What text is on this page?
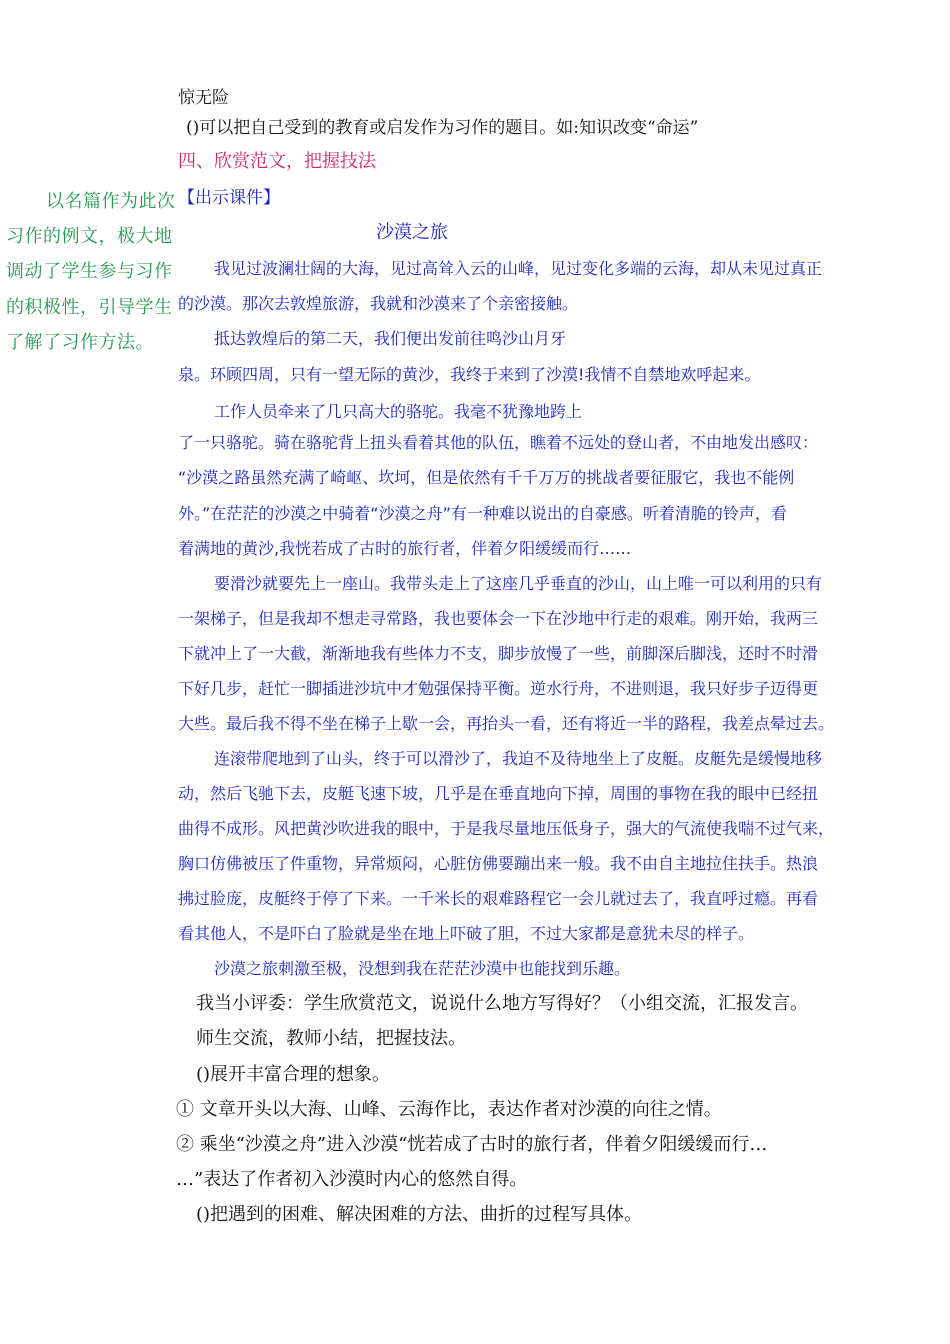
惊无险
()可以把自己受到的教育或启发作为习作的题目。如:知识改变“命运”
四、欣赏范文，把握技法
【出示课件】
以名篇作为此次
习作的例文，极大地
调动了学生参与习作
的积极性，引导学生
了解了习作方法。
沙漠之旅
我见过波澜壮阔的大海，见过高耸入云的山峰，见过变化多端的云海，却从未见过真正
的沙漠。那次去敦煌旅游，我就和沙漠来了个亲密接触。
抵达敦煌后的第二天，我们便出发前往鸣沙山月牙
泉。环顾四周，只有一望无际的黄沙，我终于来到了沙漠!我情不自禁地欢呼起来。
工作人员牵来了几只高大的骆驼。我毫不犹豫地跨上
了一只骆驼。骑在骆驼背上扭头看着其他的队伍，瞧着不远处的登山者，不由地发出感叹：
“沙漠之路虽然充满了崎岖、坎坷，但是依然有千千万万的挑战者要征服它，我也不能例
外。”在茫茫的沙漠之中骑着“沙漠之舟”有一种难以说出的自豪感。听着清脆的铃声，看
着满地的黄沙,我恍若成了古时的旅行者，伴着夕阳缓缓而行……
要滑沙就要先上一座山。我带头走上了这座几乎垂直的沙山，山上唯一可以利用的只有
一架梯子，但是我却不想走寻常路，我也要体会一下在沙地中行走的艰难。刚开始，我两三
下就冲上了一大截，渐渐地我有些体力不支，脚步放慢了一些，前脚深后脚浅，还时不时滑
下好几步，赶忙一脚插进沙坑中才勉强保持平衡。逆水行舟，不进则退，我只好步子迈得更
大些。最后我不得不坐在梯子上歇一会，再抬头一看，还有将近一半的路程，我差点晕过去。
连滚带爬地到了山头，终于可以滑沙了，我迫不及待地坐上了皮艇。皮艇先是缓慢地移
动，然后飞驰下去，皮艇飞速下坡，几乎是在垂直地向下掉，周围的事物在我的眼中已经扭
曲得不成形。风把黄沙吹进我的眼中，于是我尽量地压低身子，强大的气流使我喘不过气来，
胸口仿佛被压了件重物，异常烦闷，心脏仿佛要蹦出来一般。我不由自主地拉住扶手。热浪
拂过脸庞，皮艇终于停了下来。一千米长的艰难路程它一会儿就过去了，我直呼过瘾。再看
看其他人，不是吓白了脸就是坐在地上吓破了胆，不过大家都是意犹未尽的样子。
沙漠之旅刺激至极，没想到我在茫茫沙漠中也能找到乐趣。
我当小评委：学生欣赏范文，说说什么地方写得好？（小组交流，汇报发言。
师生交流，教师小结，把握技法。
()展开丰富合理的想象。
① 文章开头以大海、山峰、云海作比，表达作者对沙漠的向往之情。
② 乘坐“沙漠之舟”进入沙漠“恍若成了古时的旅行者，伴着夕阳缓缓而行…
…”表达了作者初入沙漠时内心的悠然自得。
()把遇到的困难、解决困难的方法、曲折的过程写具体。
